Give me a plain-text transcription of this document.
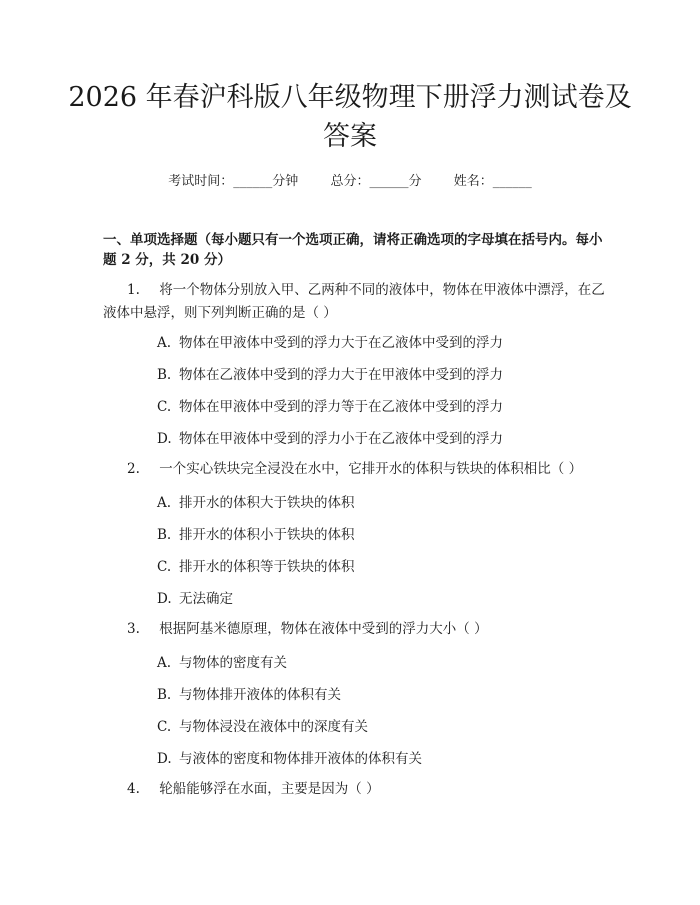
2026 年春沪科版八年级物理下册浮力测试卷及答案
考试时间：______分钟 总分：______分 姓名：______
一、单项选择题（每小题只有一个选项正确，请将正确选项的字母填在括号内。每小题 2 分，共 20 分）
1. 将一个物体分别放入甲、乙两种不同的液体中，物体在甲液体中漂浮，在乙液体中悬浮，则下列判断正确的是（ ）
A. 物体在甲液体中受到的浮力大于在乙液体中受到的浮力
B. 物体在乙液体中受到的浮力大于在甲液体中受到的浮力
C. 物体在甲液体中受到的浮力等于在乙液体中受到的浮力
D. 物体在甲液体中受到的浮力小于在乙液体中受到的浮力
2. 一个实心铁块完全浸没在水中，它排开水的体积与铁块的体积相比（ ）
A. 排开水的体积大于铁块的体积
B. 排开水的体积小于铁块的体积
C. 排开水的体积等于铁块的体积
D. 无法确定
3. 根据阿基米德原理，物体在液体中受到的浮力大小（ ）
A. 与物体的密度有关
B. 与物体排开液体的体积有关
C. 与物体浸没在液体中的深度有关
D. 与液体的密度和物体排开液体的体积有关
4. 轮船能够浮在水面，主要是因为（ ）
